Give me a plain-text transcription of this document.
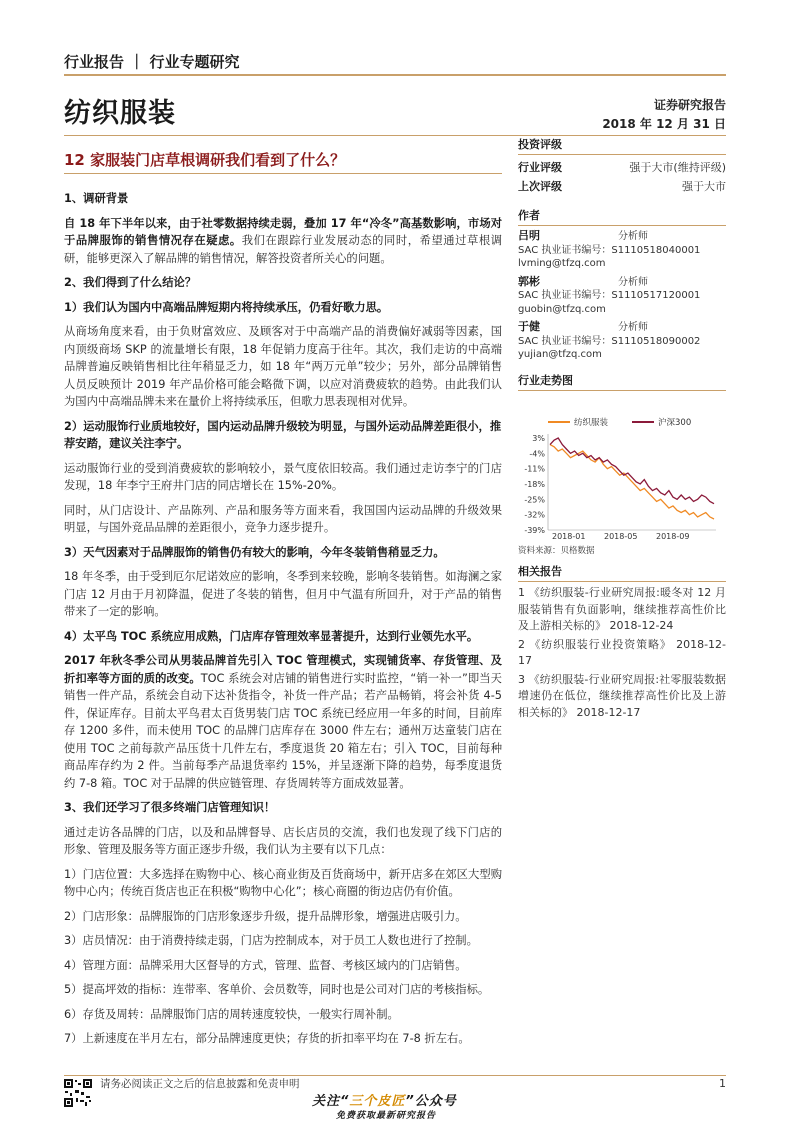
行业报告 ｜ 行业专题研究
纺织服装	证券研究报告
2018 年 12 月 31 日
12 家服装门店草根调研我们看到了什么？
1、调研背景

自 18 年下半年以来，由于社零数据持续走弱，叠加 17 年“冷冬”高基数影响，市场对于品牌服饰的销售情况存在疑虑。我们在跟踪行业发展动态的同时，希望通过草根调研，能够更深入了解品牌的销售情况，解答投资者所关心的问题。

2、我们得到了什么结论？
1）我们认为国内中高端品牌短期内将持续承压，仍看好歌力思。

从商场角度来看，由于负财富效应、及顾客对于中高端产品的消费偏好减弱等因素，国内顶级商场 SKP 的流量增长有限，18 年促销力度高于往年。其次，我们走访的中高端品牌普遍反映销售相比往年稍显乏力，如 18 年“两万元单”较少；另外，部分品牌销售人员反映预计 2019 年产品价格可能会略微下调，以应对消费疲软的趋势。由此我们认为国内中高端品牌未来在量价上将持续承压，但歌力思表现相对优异。

2）运动服饰行业质地较好，国内运动品牌升级较为明显，与国外运动品牌差距很小，推荐安踏，建议关注李宁。

运动服饰行业的受到消费疲软的影响较小，景气度依旧较高。我们通过走访李宁的门店发现，18 年李宁王府井门店的同店增长在 15%-20%。

同时，从门店设计、产品陈列、产品和服务等方面来看，我国国内运动品牌的升级效果明显，与国外竞品品牌的差距很小，竞争力逐步提升。

3）天气因素对于品牌服饰的销售仍有较大的影响，今年冬装销售稍显乏力。

18 年冬季，由于受到厄尔尼诺效应的影响，冬季到来较晚，影响冬装销售。如海澜之家门店 12 月由于月初降温，促进了冬装的销售，但月中气温有所回升，对于产品的销售带来了一定的影响。

4）太平鸟 TOC 系统应用成熟，门店库存管理效率显著提升，达到行业领先水平。

2017 年秋冬季公司从男装品牌首先引入 TOC 管理模式，实现铺货率、存货管理、及折扣率等方面的质的改变。TOC 系统会对店铺的销售进行实时监控，“销一补一”即当天销售一件产品，系统会自动下达补货指令，补货一件产品；若产品畅销，将会补货 4-5 件，保证库存。目前太平鸟君太百货男装门店 TOC 系统已经应用一年多的时间，目前库存 1200 多件，而未使用 TOC 的品牌门店库存在 3000 件左右；通州万达童装门店在使用 TOC 之前每款产品压货十几件左右，季度退货 20 箱左右；引入 TOC，目前每种商品库存约为 2 件。当前每季产品退货率约 15%，并呈逐渐下降的趋势，每季度退货约 7-8 箱。TOC 对于品牌的供应链管理、存货周转等方面成效显著。

3、我们还学习了很多终端门店管理知识！

通过走访各品牌的门店，以及和品牌督导、店长店员的交流，我们也发现了线下门店的形象、管理及服务等方面正逐步升级，我们认为主要有以下几点：

1）门店位置：大多选择在购物中心、核心商业街及百货商场中，新开店多在郊区大型购物中心内；传统百货店也正在积极“购物中心化”；核心商圈的街边店仍有价值。

2）门店形象：品牌服饰的门店形象逐步升级，提升品牌形象，增强进店吸引力。

3）店员情况：由于消费持续走弱，门店为控制成本，对于员工人数也进行了控制。

4）管理方面：品牌采用大区督导的方式，管理、监督、考核区域内的门店销售。

5）提高坪效的指标：连带率、客单价、会员数等，同时也是公司对门店的考核指标。

6）存货及周转：品牌服饰门店的周转速度较快，一般实行周补制。

7）上新速度在半月左右，部分品牌速度更快；存货的折扣率平均在 7-8 折左右。

投资评级
行业评级	强于大市(维持评级)
上次评级	强于大市
作者
吕明	分析师
SAC 执业证书编号：S1110518040001
lvming@tfzq.com
郭彬	分析师
SAC 执业证书编号：S1110517120001
guobin@tfzq.com
于健	分析师
SAC 执业证书编号：S1110518090002
yujian@tfzq.com
行业走势图
纺织服装	沪深300
3%
-4%
-11%
-18%
-25%
-32%
-39%
2018-01 2018-05 2018-09
资料来源：贝格数据
相关报告
1 《纺织服装-行业研究周报:暖冬对 12 月服装销售有负面影响，继续推荐高性价比及上游相关标的》 2018-12-24
2 《纺织服装行业投资策略》 2018-12-17
3 《纺织服装-行业研究周报:社零服装数据增速仍在低位，继续推荐高性价比及上游相关标的》 2018-12-17
请务必阅读正文之后的信息披露和免责申明	1
关注“三个皮匠”公众号
免费获取最新研究报告
